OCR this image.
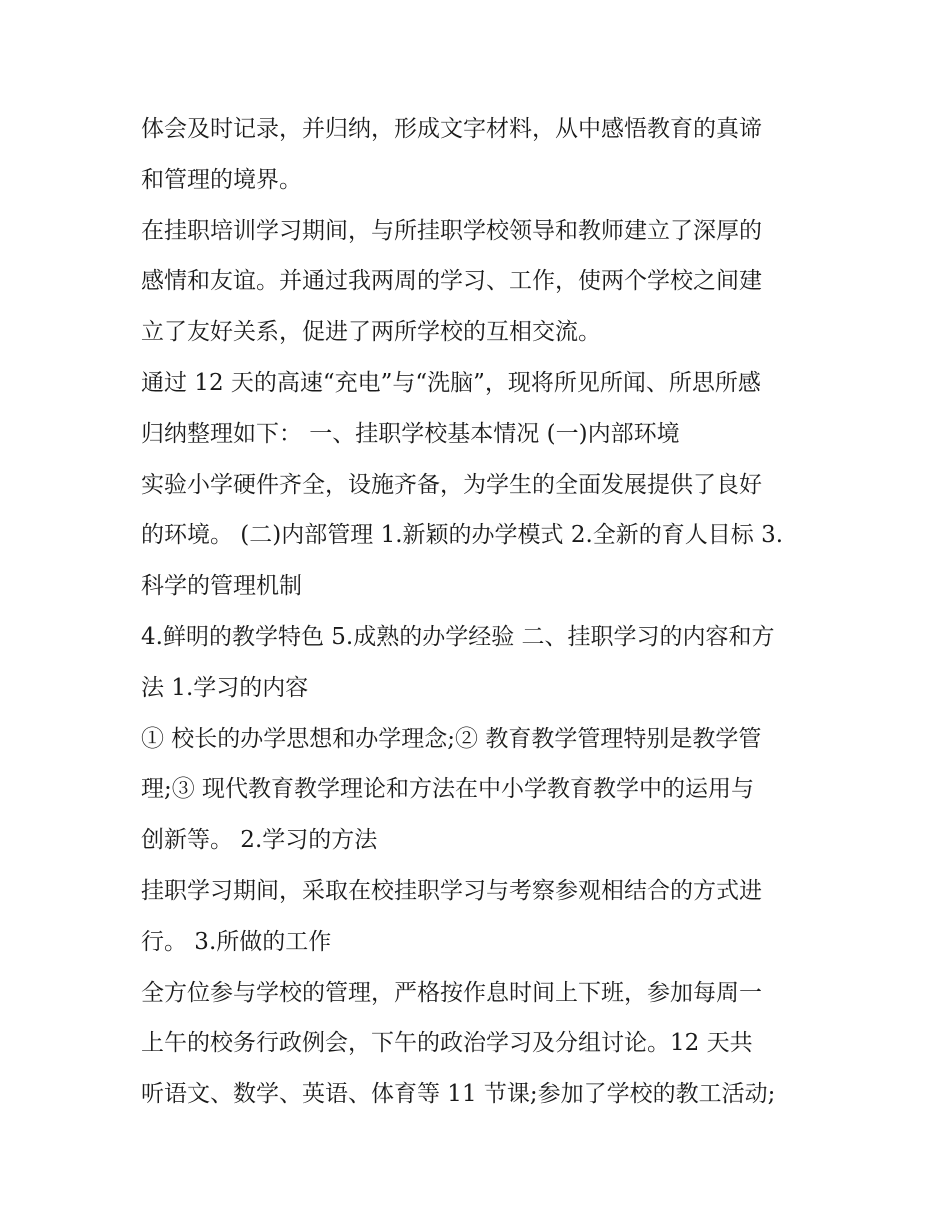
体会及时记录，并归纳，形成文字材料，从中感悟教育的真谛
和管理的境界。
在挂职培训学习期间，与所挂职学校领导和教师建立了深厚的
感情和友谊。并通过我两周的学习、工作，使两个学校之间建
立了友好关系，促进了两所学校的互相交流。
通过 12 天的高速“充电”与“洗脑”，现将所见所闻、所思所感
归纳整理如下： 一、挂职学校基本情况 (一)内部环境
实验小学硬件齐全，设施齐备，为学生的全面发展提供了良好
的环境。 (二)内部管理 1.新颖的办学模式 2.全新的育人目标 3.
科学的管理机制
4.鲜明的教学特色 5.成熟的办学经验 二、挂职学习的内容和方
法 1.学习的内容
① 校长的办学思想和办学理念;② 教育教学管理特别是教学管
理;③ 现代教育教学理论和方法在中小学教育教学中的运用与
创新等。 2.学习的方法
挂职学习期间，采取在校挂职学习与考察参观相结合的方式进
行。 3.所做的工作
全方位参与学校的管理，严格按作息时间上下班，参加每周一
上午的校务行政例会，下午的政治学习及分组讨论。12 天共
听语文、数学、英语、体育等 11 节课;参加了学校的教工活动;
